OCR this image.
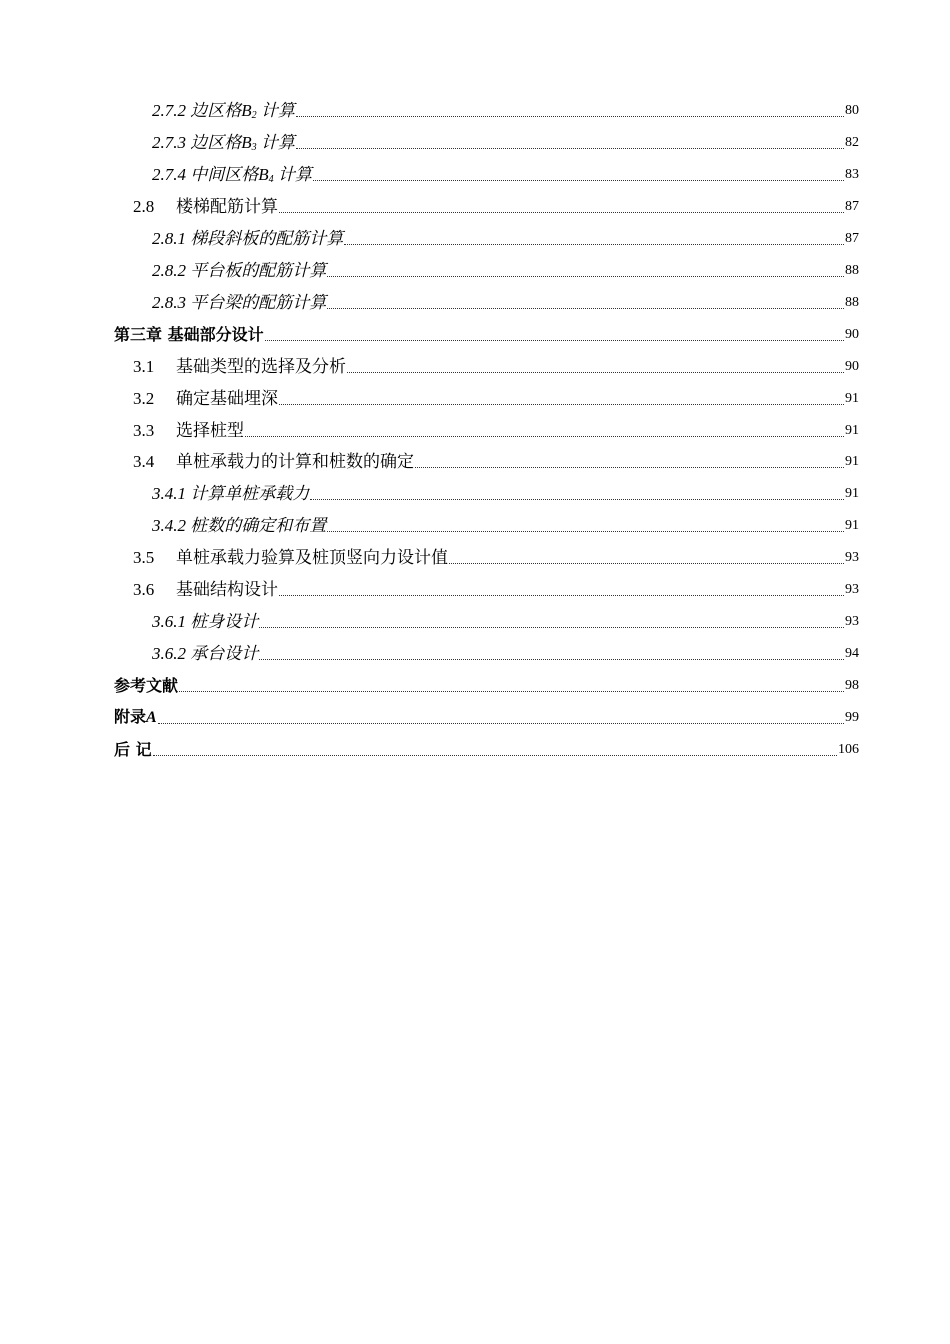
2.7.2 边区格$B_2$ 计算	80
2.7.3 边区格$B_3$ 计算	82
2.7.4 中间区格$B_4$ 计算	83
2.8 楼梯配筋计算	87
2.8.1 梯段斜板的配筋计算	87
2.8.2 平台板的配筋计算	88
2.8.3 平台梁的配筋计算	88
第三章 基础部分设计	90
3.1 基础类型的选择及分析	90
3.2 确定基础埋深	91
3.3 选择桩型	91
3.4 单桩承载力的计算和桩数的确定	91
3.4.1 计算单桩承载力	91
3.4.2 桩数的确定和布置	91
3.5 单桩承载力验算及桩顶竖向力设计值	93
3.6 基础结构设计	93
3.6.1 桩身设计	93
3.6.2 承台设计	94
参考文献	98
附录A	99
后 记	106
